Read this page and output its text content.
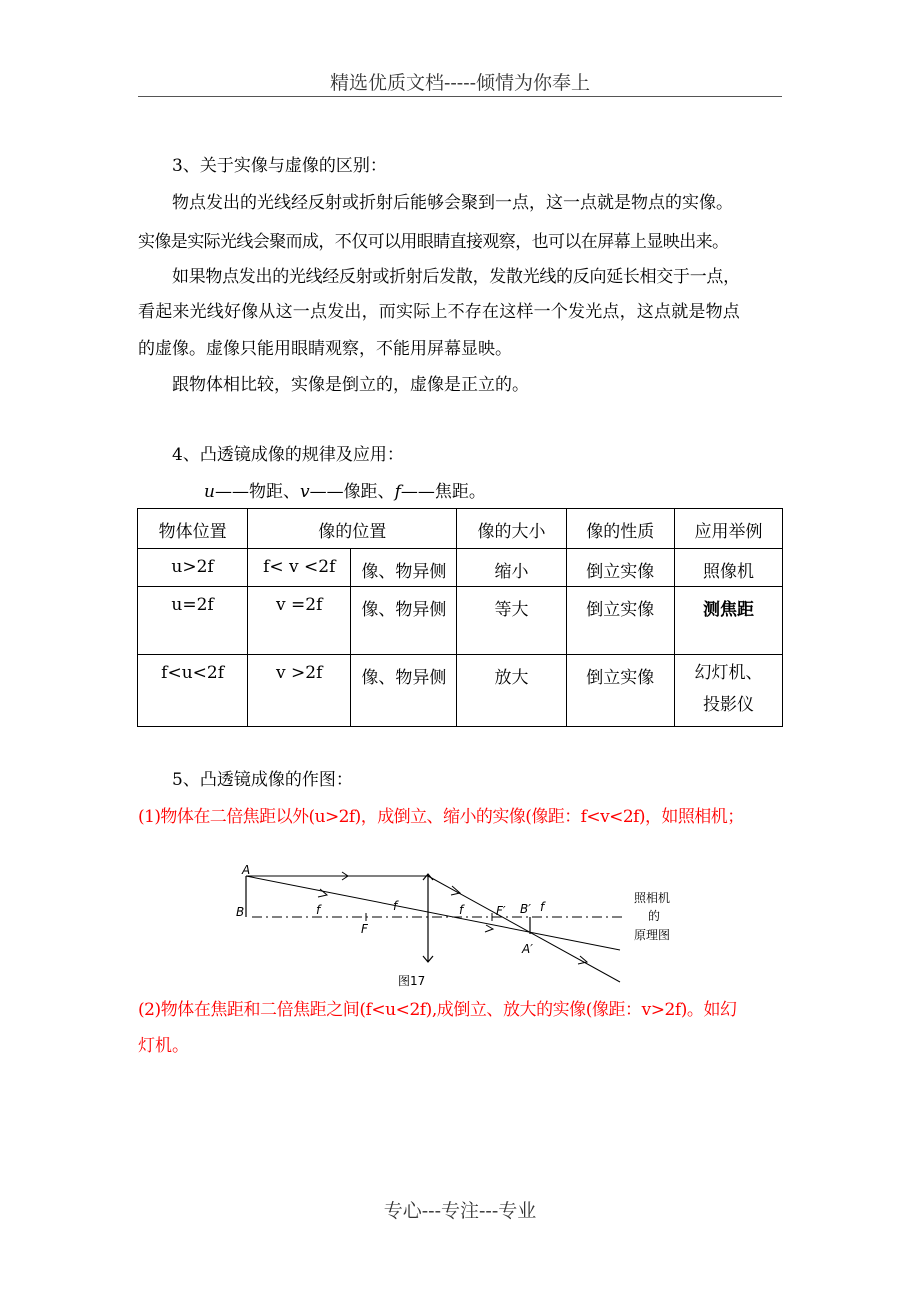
精选优质文档-----倾情为你奉上
3、关于实像与虚像的区别：
物点发出的光线经反射或折射后能够会聚到一点，这一点就是物点的实像。
实像是实际光线会聚而成，不仅可以用眼睛直接观察，也可以在屏幕上显映出来。
如果物点发出的光线经反射或折射后发散，发散光线的反向延长相交于一点，
看起来光线好像从这一点发出，而实际上不存在这样一个发光点，这点就是物点
的虚像。虚像只能用眼睛观察，不能用屏幕显映。
跟物体相比较，实像是倒立的，虚像是正立的。
4、凸透镜成像的规律及应用：
u——物距、v——像距、f——焦距。
物体位置	像的位置		像的大小	像的性质	应用举例
u>2f	f< v <2f	像、物异侧	缩小	倒立实像	照像机
u=2f	v =2f	像、物异侧	等大	倒立实像	测焦距
f<u<2f	v >2f	像、物异侧	放大	倒立实像	幻灯机、
投影仪
5、凸透镜成像的作图：
(1)物体在二倍焦距以外(u>2f)，成倒立、缩小的实像(像距：f<v<2f)，如照相机；
A
B	f	f
F
f	F′ B′ f
A′
照相机
的
原理图
图17
(2)物体在焦距和二倍焦距之间(f<u<2f),成倒立、放大的实像(像距：v>2f)。如幻
灯机。
专心---专注---专业
